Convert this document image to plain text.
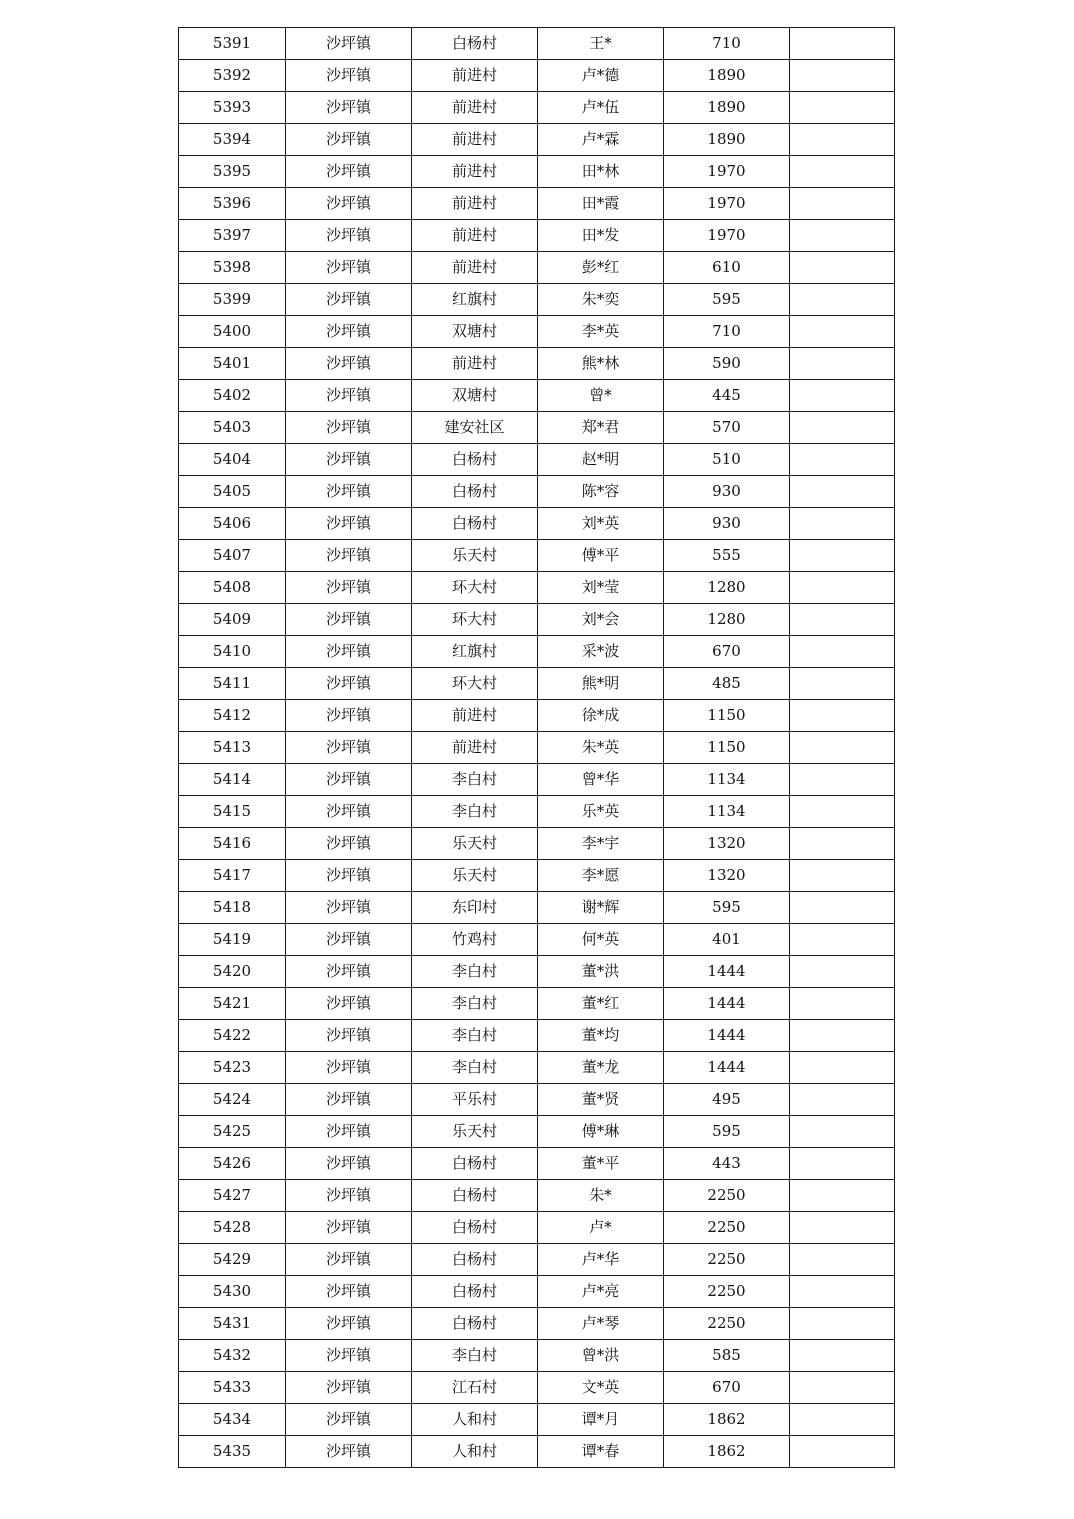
5391	沙坪镇	白杨村	王*	710	
5392	沙坪镇	前进村	卢*德	1890	
5393	沙坪镇	前进村	卢*伍	1890	
5394	沙坪镇	前进村	卢*霖	1890	
5395	沙坪镇	前进村	田*林	1970	
5396	沙坪镇	前进村	田*霞	1970	
5397	沙坪镇	前进村	田*发	1970	
5398	沙坪镇	前进村	彭*红	610	
5399	沙坪镇	红旗村	朱*奕	595	
5400	沙坪镇	双塘村	李*英	710	
5401	沙坪镇	前进村	熊*林	590	
5402	沙坪镇	双塘村	曾*	445	
5403	沙坪镇	建安社区	郑*君	570	
5404	沙坪镇	白杨村	赵*明	510	
5405	沙坪镇	白杨村	陈*容	930	
5406	沙坪镇	白杨村	刘*英	930	
5407	沙坪镇	乐天村	傅*平	555	
5408	沙坪镇	环大村	刘*莹	1280	
5409	沙坪镇	环大村	刘*会	1280	
5410	沙坪镇	红旗村	采*波	670	
5411	沙坪镇	环大村	熊*明	485	
5412	沙坪镇	前进村	徐*成	1150	
5413	沙坪镇	前进村	朱*英	1150	
5414	沙坪镇	李白村	曾*华	1134	
5415	沙坪镇	李白村	乐*英	1134	
5416	沙坪镇	乐天村	李*宇	1320	
5417	沙坪镇	乐天村	李*愿	1320	
5418	沙坪镇	东印村	谢*辉	595	
5419	沙坪镇	竹鸡村	何*英	401	
5420	沙坪镇	李白村	董*洪	1444	
5421	沙坪镇	李白村	董*红	1444	
5422	沙坪镇	李白村	董*均	1444	
5423	沙坪镇	李白村	董*龙	1444	
5424	沙坪镇	平乐村	董*贤	495	
5425	沙坪镇	乐天村	傅*琳	595	
5426	沙坪镇	白杨村	董*平	443	
5427	沙坪镇	白杨村	朱*	2250	
5428	沙坪镇	白杨村	卢*	2250	
5429	沙坪镇	白杨村	卢*华	2250	
5430	沙坪镇	白杨村	卢*亮	2250	
5431	沙坪镇	白杨村	卢*琴	2250	
5432	沙坪镇	李白村	曾*洪	585	
5433	沙坪镇	江石村	文*英	670	
5434	沙坪镇	人和村	谭*月	1862	
5435	沙坪镇	人和村	谭*春	1862	
